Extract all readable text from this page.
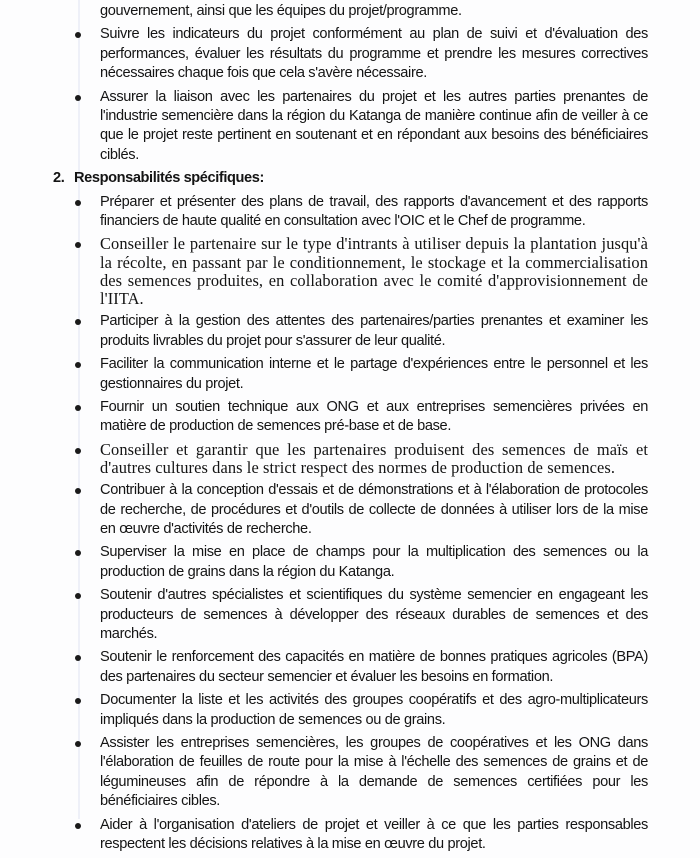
gouvernement, ainsi que les équipes du projet/programme.
Suivre les indicateurs du projet conformément au plan de suivi et d'évaluation des performances, évaluer les résultats du programme et prendre les mesures correctives nécessaires chaque fois que cela s'avère nécessaire.
Assurer la liaison avec les partenaires du projet et les autres parties prenantes de l'industrie semencière dans la région du Katanga de manière continue afin de veiller à ce que le projet reste pertinent en soutenant et en répondant aux besoins des bénéficiaires ciblés.
2. Responsabilités spécifiques:
Préparer et présenter des plans de travail, des rapports d'avancement et des rapports financiers de haute qualité en consultation avec l'OIC et le Chef de programme.
Conseiller le partenaire sur le type d'intrants à utiliser depuis la plantation jusqu'à la récolte, en passant par le conditionnement, le stockage et la commercialisation des semences produites, en collaboration avec le comité d'approvisionnement de l'IITA.
Participer à la gestion des attentes des partenaires/parties prenantes et examiner les produits livrables du projet pour s'assurer de leur qualité.
Faciliter la communication interne et le partage d'expériences entre le personnel et les gestionnaires du projet.
Fournir un soutien technique aux ONG et aux entreprises semencières privées en matière de production de semences pré-base et de base.
Conseiller et garantir que les partenaires produisent des semences de maïs et d'autres cultures dans le strict respect des normes de production de semences.
Contribuer à la conception d'essais et de démonstrations et à l'élaboration de protocoles de recherche, de procédures et d'outils de collecte de données à utiliser lors de la mise en œuvre d'activités de recherche.
Superviser la mise en place de champs pour la multiplication des semences ou la production de grains dans la région du Katanga.
Soutenir d'autres spécialistes et scientifiques du système semencier en engageant les producteurs de semences à développer des réseaux durables de semences et des marchés.
Soutenir le renforcement des capacités en matière de bonnes pratiques agricoles (BPA) des partenaires du secteur semencier et évaluer les besoins en formation.
Documenter la liste et les activités des groupes coopératifs et des agro-multiplicateurs impliqués dans la production de semences ou de grains.
Assister les entreprises semencières, les groupes de coopératives et les ONG dans l'élaboration de feuilles de route pour la mise à l'échelle des semences de grains et de légumineuses afin de répondre à la demande de semences certifiées pour les bénéficiaires cibles.
Aider à l'organisation d'ateliers de projet et veiller à ce que les parties responsables respectent les décisions relatives à la mise en œuvre du projet.
